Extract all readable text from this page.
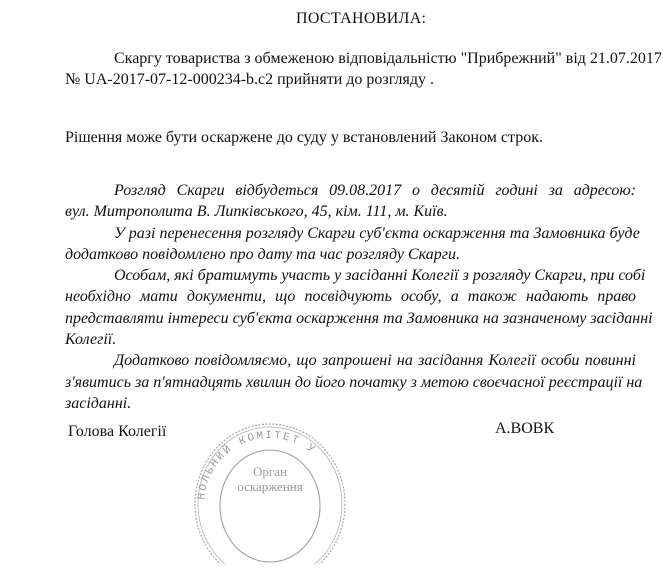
ПОСТАНОВИЛА:
Скаргу товариства з обмеженою відповідальністю "Прибрежний" від 21.07.2017
№ UA-2017-07-12-000234-b.c2 прийняти до розгляду .
Рішення може бути оскаржене до суду у встановлений Законом строк.
Розгляд Скарги відбудеться 09.08.2017 о десятій годині за адресою:
вул. Митрополита В. Липківського, 45, кім. 111, м. Київ.
У разі перенесення розгляду Скарги суб'єкта оскарження та Замовника буде
додатково повідомлено про дату та час розгляду Скарги.
Особам, які братимуть участь у засіданні Колегії з розгляду Скарги, при собі
необхідно мати документи, що посвідчують особу, а також надають право
представляти інтереси суб'єкта оскарження та Замовника на зазначеному засіданні
Колегії.
Додатково повідомляємо, що запрошені на засідання Колегії особи повинні
з'явитись за п'ятнадцять хвилин до його початку з метою своєчасної реєстрації на
засіданні.
Голова Колегії	А.ВОВК
НОЛЬНИЙ КОМІТЕТ У
Орган
оскарження
